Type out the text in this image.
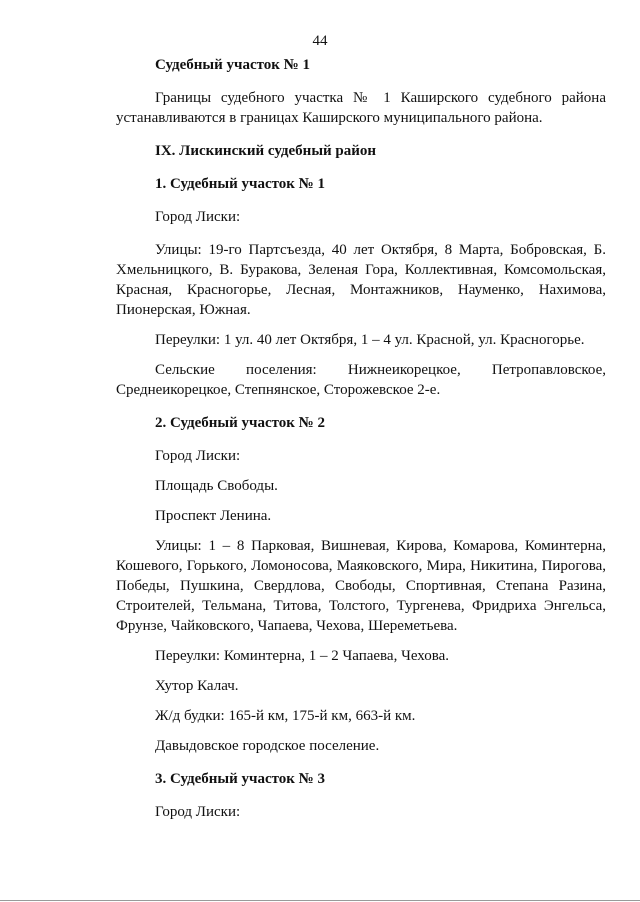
44
Судебный участок № 1

Границы судебного участка № 1 Каширского судебного района устанавливаются в границах Каширского муниципального района.

IX. Лискинский судебный район
1. Судебный участок № 1

Город Лиски:

Улицы: 19-го Партсъезда, 40 лет Октября, 8 Марта, Бобровская, Б. Хмельницкого, В. Буракова, Зеленая Гора, Коллективная, Комсомольская, Красная, Красногорье, Лесная, Монтажников, Науменко, Нахимова, Пионерская, Южная.

Переулки: 1 ул. 40 лет Октября, 1 – 4 ул. Красной, ул. Красногорье.

Сельские поселения: Нижнеикорецкое, Петропавловское, Среднеикорецкое, Степнянское, Сторожевское 2-е.

2. Судебный участок № 2

Город Лиски:

Площадь Свободы.

Проспект Ленина.

Улицы: 1 – 8 Парковая, Вишневая, Кирова, Комарова, Коминтерна, Кошевого, Горького, Ломоносова, Маяковского, Мира, Никитина, Пирогова, Победы, Пушкина, Свердлова, Свободы, Спортивная, Степана Разина, Строителей, Тельмана, Титова, Толстого, Тургенева, Фридриха Энгельса, Фрунзе, Чайковского, Чапаева, Чехова, Шереметьева.

Переулки: Коминтерна, 1 – 2 Чапаева, Чехова.

Хутор Калач.

Ж/д будки: 165-й км, 175-й км, 663-й км.

Давыдовское городское поселение.

3. Судебный участок № 3

Город Лиски:
